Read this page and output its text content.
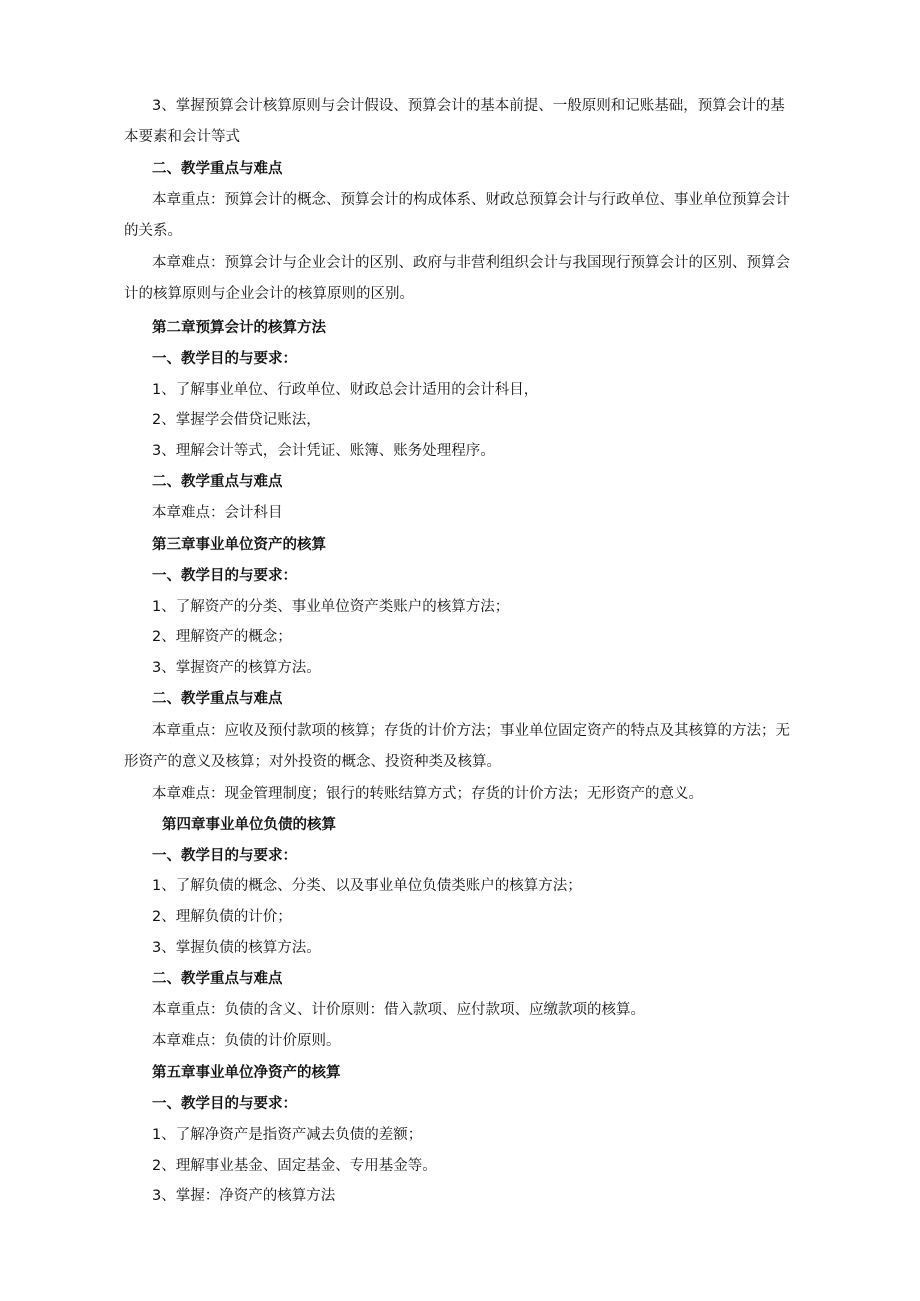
3、掌握预算会计核算原则与会计假设、预算会计的基本前提、一般原则和记账基础，预算会计的基
本要素和会计等式
二、教学重点与难点
本章重点：预算会计的概念、预算会计的构成体系、财政总预算会计与行政单位、事业单位预算会计
的关系。
本章难点：预算会计与企业会计的区别、政府与非营利组织会计与我国现行预算会计的区别、预算会
计的核算原则与企业会计的核算原则的区别。
第二章预算会计的核算方法
一、教学目的与要求：
1、了解事业单位、行政单位、财政总会计适用的会计科目，
2、掌握学会借贷记账法，
3、理解会计等式，会计凭证、账簿、账务处理程序。
二、教学重点与难点
本章难点：会计科目
第三章事业单位资产的核算
一、教学目的与要求：
1、了解资产的分类、事业单位资产类账户的核算方法；
2、理解资产的概念；
3、掌握资产的核算方法。
二、教学重点与难点
本章重点：应收及预付款项的核算；存货的计价方法；事业单位固定资产的特点及其核算的方法；无
形资产的意义及核算；对外投资的概念、投资种类及核算。
本章难点：现金管理制度；银行的转账结算方式；存货的计价方法；无形资产的意义。
第四章事业单位负债的核算
一、教学目的与要求：
1、了解负债的概念、分类、以及事业单位负债类账户的核算方法；
2、理解负债的计价；
3、掌握负债的核算方法。
二、教学重点与难点
本章重点：负债的含义、计价原则：借入款项、应付款项、应缴款项的核算。
本章难点：负债的计价原则。
第五章事业单位净资产的核算
一、教学目的与要求：
1、了解净资产是指资产减去负债的差额；
2、理解事业基金、固定基金、专用基金等。
3、掌握：净资产的核算方法
